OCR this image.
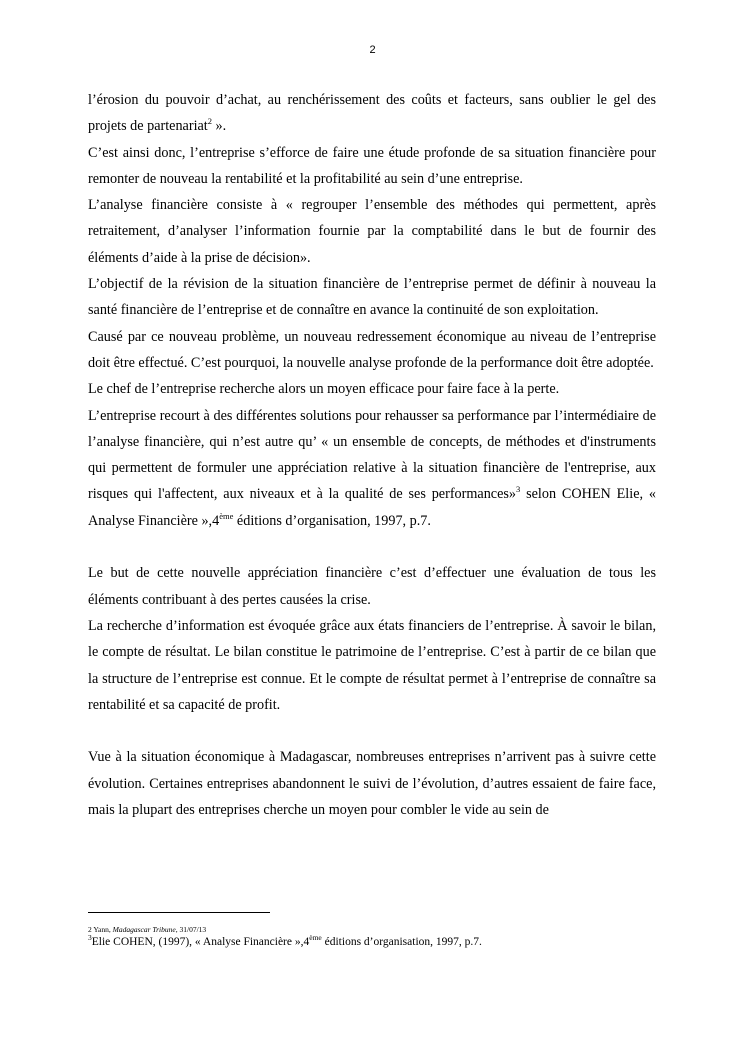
2

l’érosion du pouvoir d’achat, au renchérissement des coûts et facteurs, sans oublier le gel des projets de partenariat$^2$ ».

C’est ainsi donc, l’entreprise s’efforce de faire une étude profonde de sa situation financière pour remonter de nouveau la rentabilité et la profitabilité au sein d’une entreprise.

L’analyse financière consiste à « regrouper l’ensemble des méthodes qui permettent, après retraitement, d’analyser l’information fournie par la comptabilité dans le but de fournir des éléments d’aide à la prise de décision».

L’objectif de la révision de la situation financière de l’entreprise permet de définir à nouveau la santé financière de l’entreprise et de connaître en avance la continuité de son exploitation.

Causé par ce nouveau problème, un nouveau redressement économique au niveau de l’entreprise doit être effectué. C’est pourquoi, la nouvelle analyse profonde de la performance doit être adoptée.

Le chef de l’entreprise recherche alors un moyen efficace pour faire face à la perte.

L’entreprise recourt à des différentes solutions pour rehausser sa performance par l’intermédiaire de l’analyse financière, qui n’est autre qu’ « un ensemble de concepts, de méthodes et d'instruments qui permettent de formuler une appréciation relative à la situation financière de l'entreprise, aux risques qui l'affectent, aux niveaux et à la qualité de ses performances»$^3$ selon COHEN Elie, « Analyse Financière »,4ème éditions d’organisation, 1997, p.7.

Le but de cette nouvelle appréciation financière c’est d’effectuer une évaluation de tous les éléments contribuant à des pertes causées la crise.

La recherche d’information est évoquée grâce aux états financiers de l’entreprise. À savoir le bilan, le compte de résultat. Le bilan constitue le patrimoine de l’entreprise. C’est à partir de ce bilan que la structure de l’entreprise est connue. Et le compte de résultat permet à l’entreprise de connaître sa rentabilité et sa capacité de profit.

Vue à la situation économique à Madagascar, nombreuses entreprises n’arrivent pas à suivre cette évolution. Certaines entreprises abandonnent le suivi de l’évolution, d’autres essaient de faire face, mais la plupart des entreprises cherche un moyen pour combler le vide au sein de

2 Yann, Madagascar Tribune, 31/07/13
$^3$Elie COHEN, (1997), « Analyse Financière »,4ème éditions d’organisation, 1997, p.7.
